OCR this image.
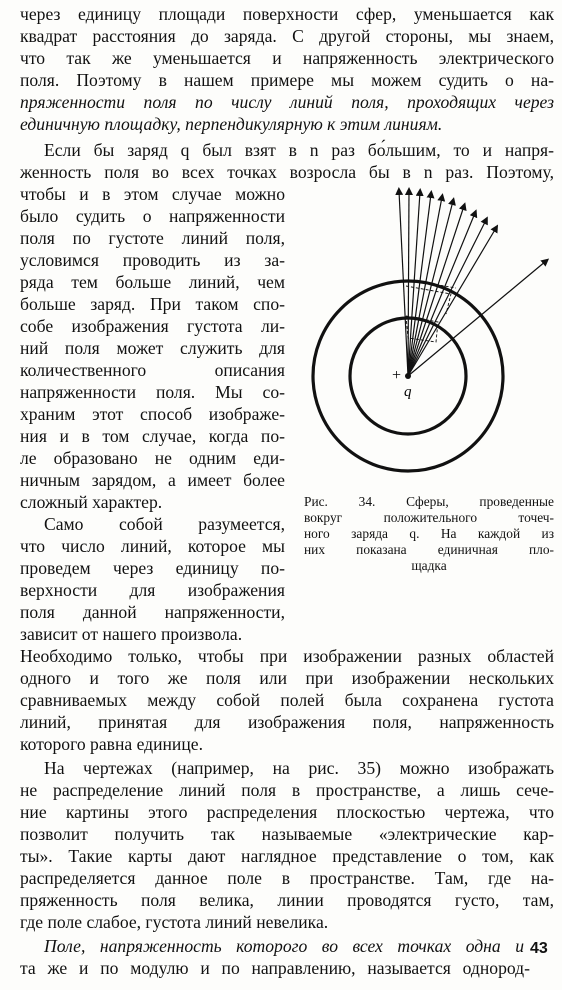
через единицу площади поверхности сфер, уменьшается как
квадрат расстояния до заряда. С другой стороны, мы знаем,
что так же уменьшается и напряженность электрического
поля. Поэтому в нашем примере мы можем судить о на-
пряженности поля по числу линий поля, проходящих через
единичную площадку, перпендикулярную к этим линиям.
Если бы заряд q был взят в n раз бо́льшим, то и напря-
женность поля во всех точках возросла бы в n раз. Поэтому,
чтобы и в этом случае можно
было судить о напряженности
поля по густоте линий поля,
условимся проводить из за-
ряда тем больше линий, чем
больше заряд. При таком спо-
собе изображения густота ли-
ний поля может служить для
количественного описания
напряженности поля. Мы со-
храним этот способ изображе-
ния и в том случае, когда по-
ле образовано не одним еди-
ничным зарядом, а имеет более
сложный характер.
Само собой разумеется,
что число линий, которое мы
проведем через единицу по-
верхности для изображения
поля данной напряженности,
зависит от нашего произвола.
+
q
Рис. 34. Сферы, проведенные
вокруг положительного точеч-
ного заряда q. На каждой из
них показана единичная пло-
щадка
Необходимо только, чтобы при изображении разных областей
одного и того же поля или при изображении нескольких
сравниваемых между собой полей была сохранена густота
линий, принятая для изображения поля, напряженность
которого равна единице.
На чертежах (например, на рис. 35) можно изображать
не распределение линий поля в пространстве, а лишь сече-
ние картины этого распределения плоскостью чертежа, что
позволит получить так называемые «электрические кар-
ты». Такие карты дают наглядное представление о том, как
распределяется данное поле в пространстве. Там, где на-
пряженность поля велика, линии проводятся густо, там,
где поле слабое, густота линий невелика.
Поле, напряженность которого во всех точках одна и
та же и по модулю и по направлению, называется однород-
43
